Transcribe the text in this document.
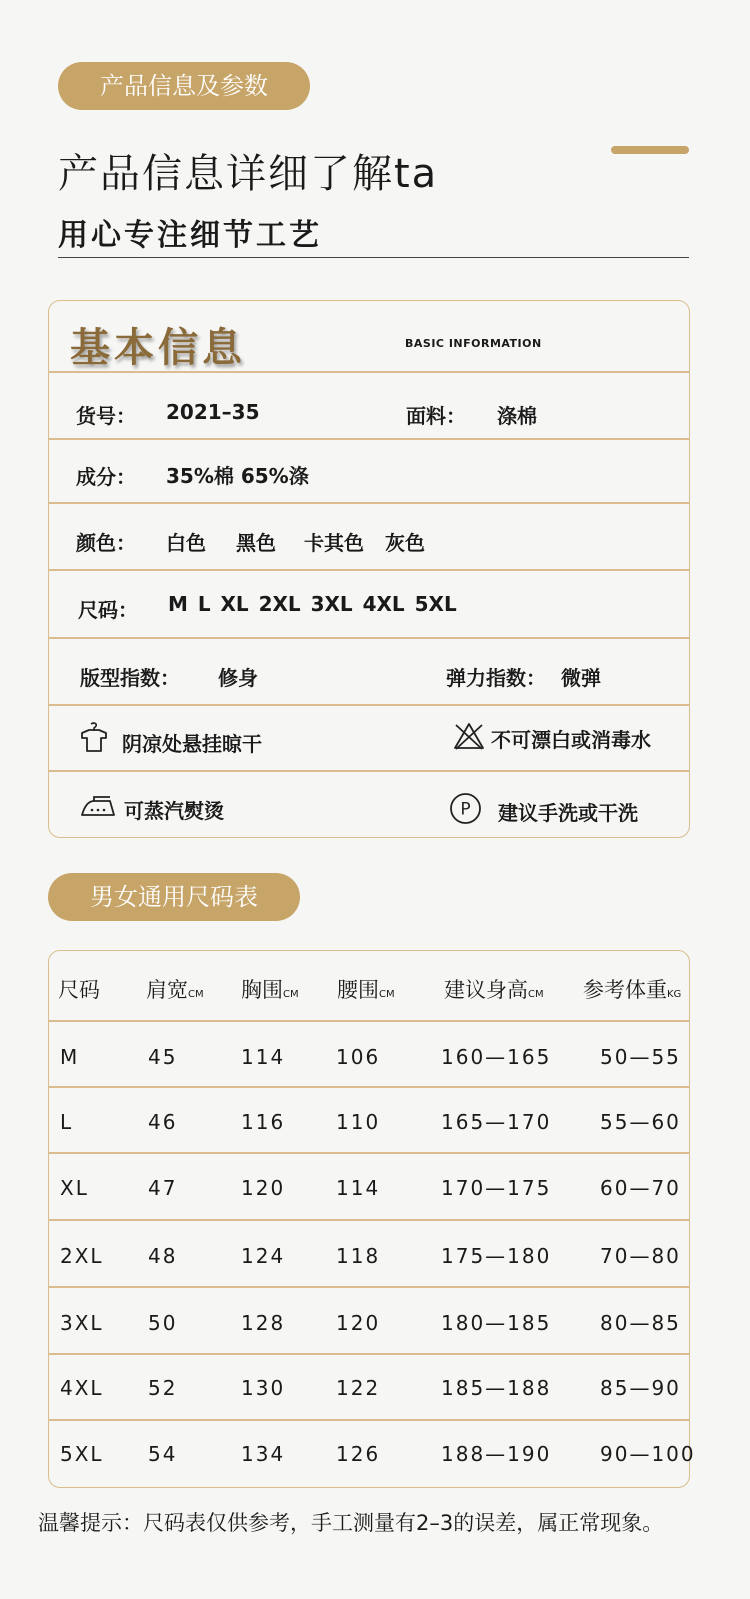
产品信息及参数
产品信息详细了解ta
用心专注细节工艺
基本信息	BASIC INFORMATION
货号： 2021–35	面料： 涤棉
成分： 35%棉 65%涤
颜色： 白色 黑色 卡其色 灰色
尺码： M  L  XL  2XL  3XL  4XL  5XL
版型指数： 修身	弹力指数： 微弹
阴凉处悬挂晾干	不可漂白或消毒水
可蒸汽熨烫	P 建议手洗或干洗
男女通用尺码表
尺码 肩宽CM 胸围CM 腰围CM 建议身高CM 参考体重KG
M	45	114	106	160—165 50—55
L	46	116	110	165—170 55—60
XL	47	120	114	170—175 60—70
2XL 48	124	118	175—180 70—80
3XL 50	128	120	180—185 80—85
4XL 52	130	122	185—188 85—90
5XL 54	134	126	188—190 90—100
温馨提示：尺码表仅供参考，手工测量有2–3的误差，属正常现象。
